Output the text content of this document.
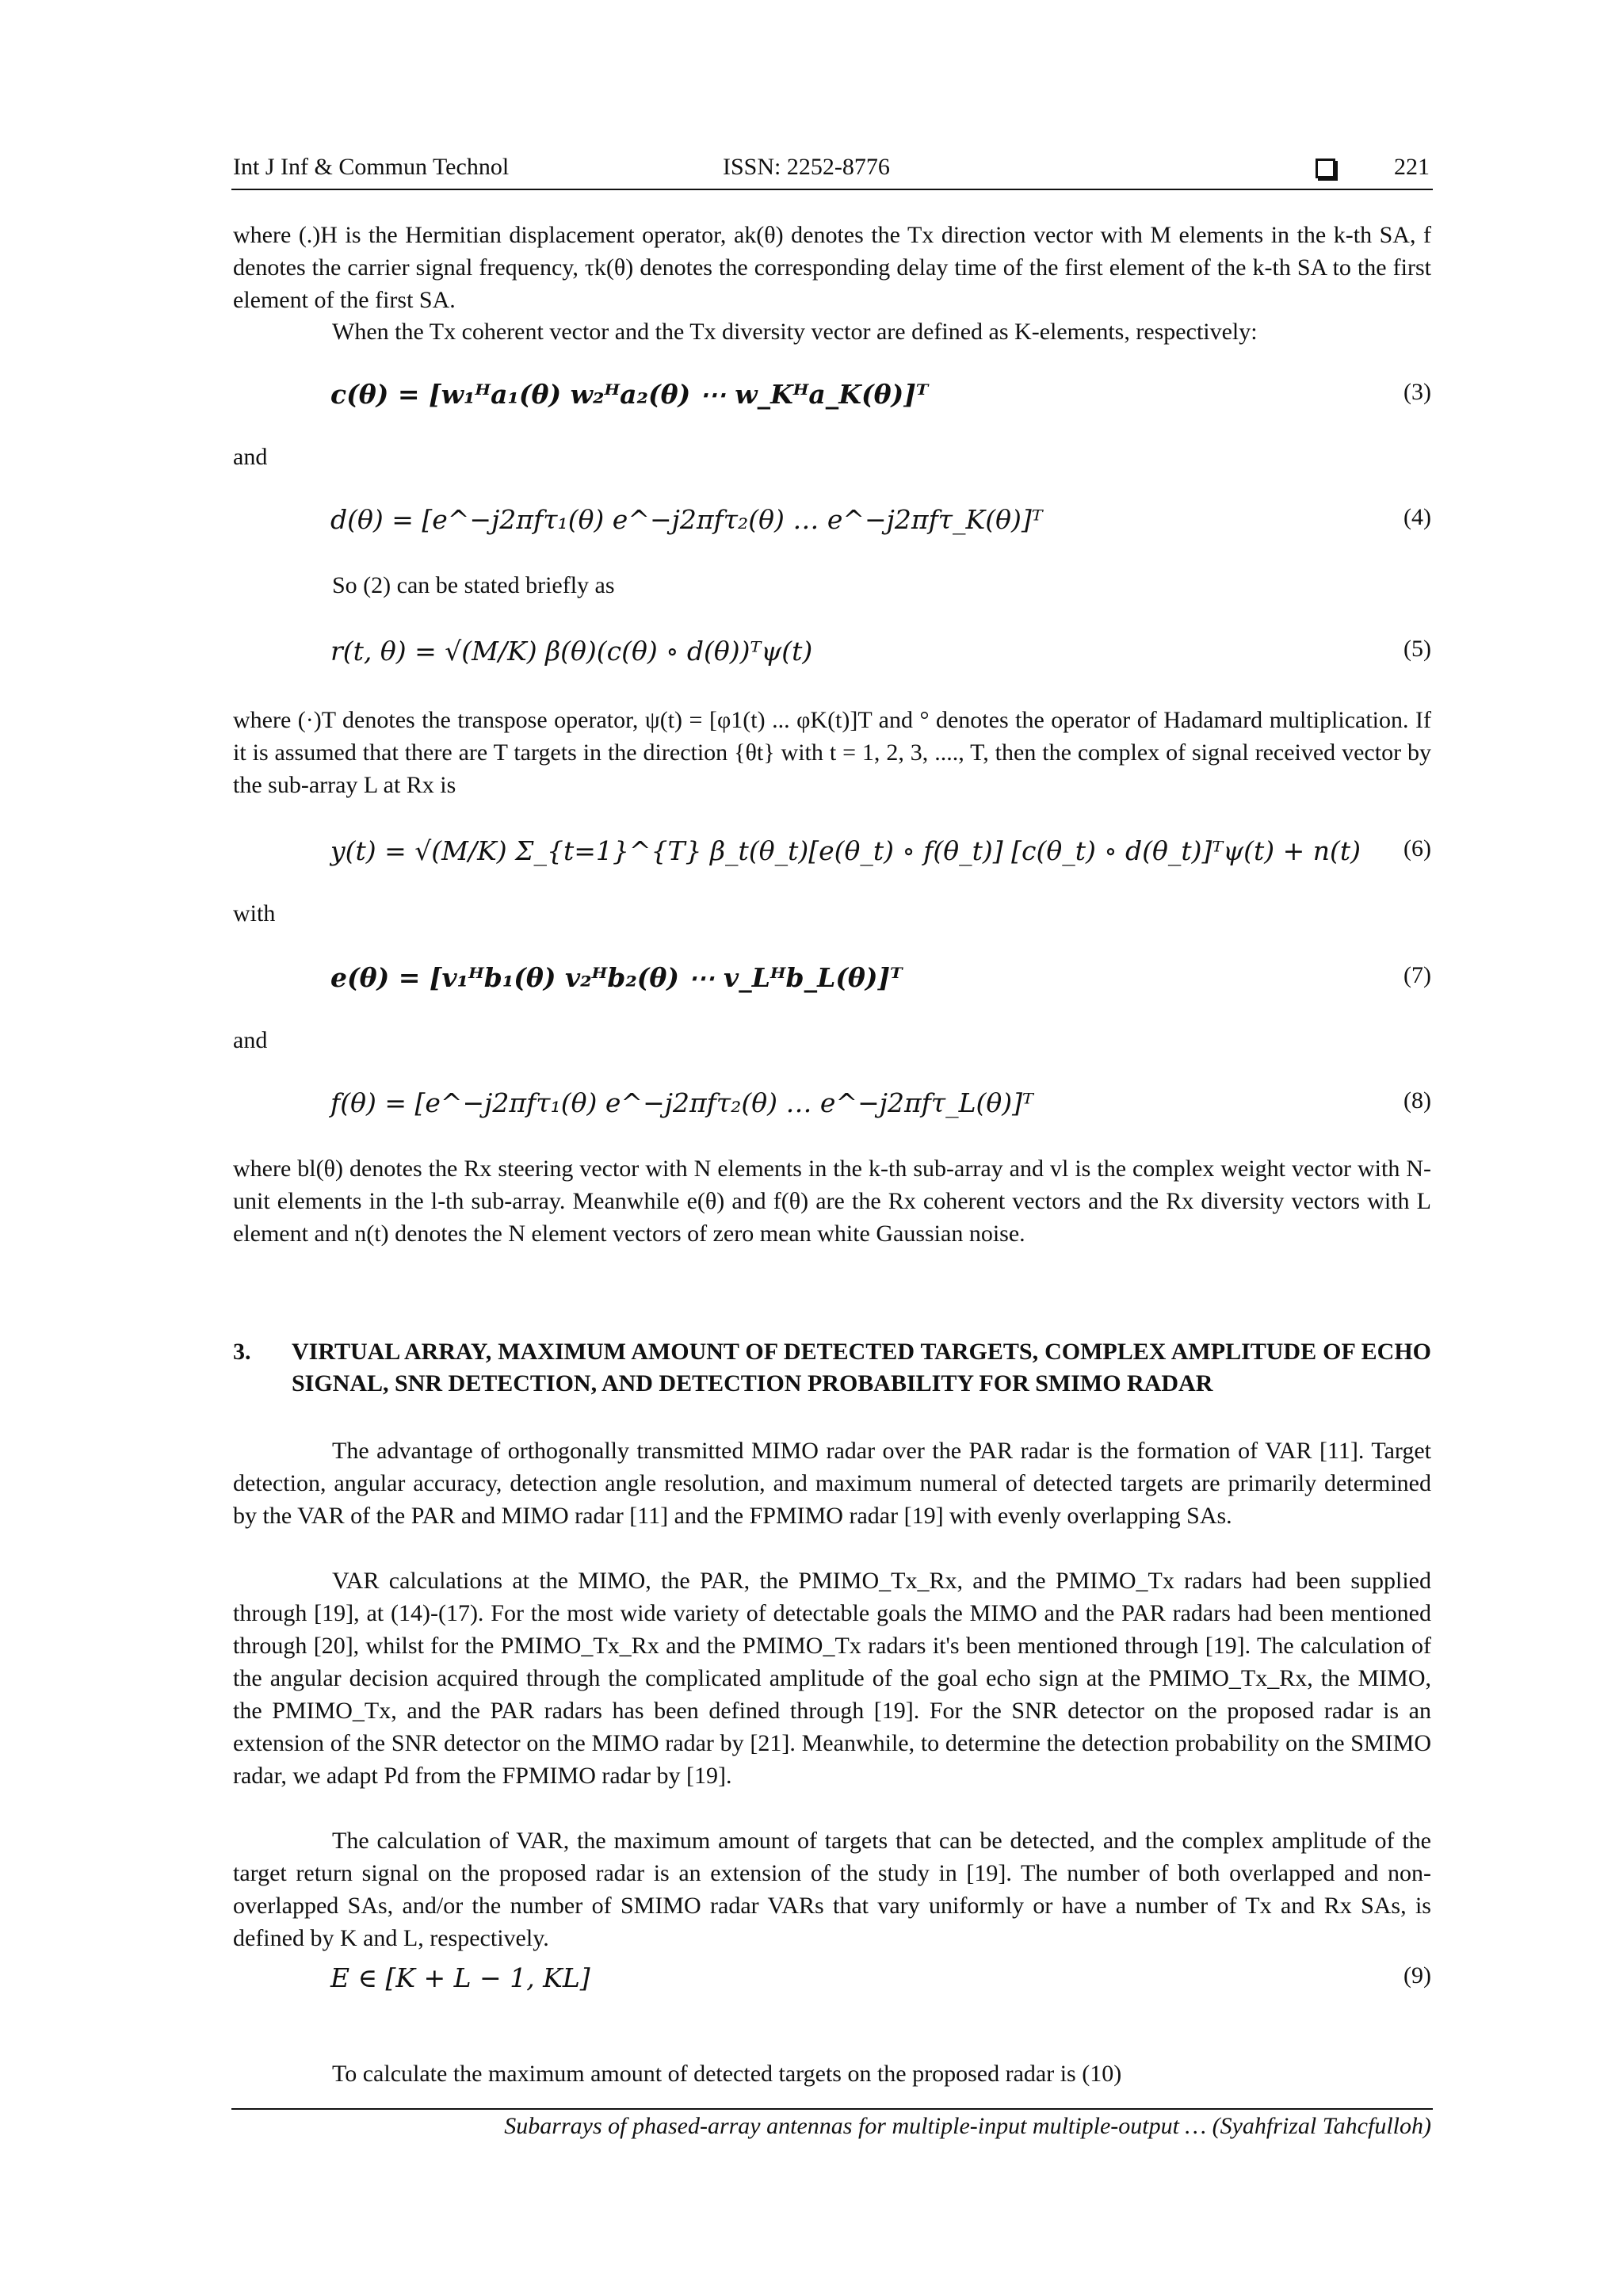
Int J Inf & Commun Technol	ISSN: 2252-8776	221
where (.)H is the Hermitian displacement operator, ak(θ) denotes the Tx direction vector with M elements in the k-th SA, f denotes the carrier signal frequency, τk(θ) denotes the corresponding delay time of the first element of the k-th SA to the first element of the first SA.
When the Tx coherent vector and the Tx diversity vector are defined as K-elements, respectively:
c(θ) = [w₁ᴴa₁(θ) w₂ᴴa₂(θ) ⋯ w_Kᴴa_K(θ)]ᵀ	(3)
and
d(θ) = [e^−j2πfτ₁(θ) e^−j2πfτ₂(θ) … e^−j2πfτ_K(θ)]ᵀ	(4)
So (2) can be stated briefly as
r(t, θ) = √(M/K) β(θ)(c(θ) ∘ d(θ))ᵀψ(t)	(5)
where (·)T denotes the transpose operator, ψ(t) = [φ1(t) ... φK(t)]T and ° denotes the operator of Hadamard multiplication. If it is assumed that there are T targets in the direction {θt} with t = 1, 2, 3, ...., T, then the complex of signal received vector by the sub-array L at Rx is
y(t) = √(M/K) Σ_{t=1}^{T} β_t(θ_t)[e(θ_t) ∘ f(θ_t)] [c(θ_t) ∘ d(θ_t)]ᵀψ(t) + n(t) (6)
with
e(θ) = [v₁ᴴb₁(θ) v₂ᴴb₂(θ) ⋯ v_Lᴴb_L(θ)]ᵀ	(7)
and
f(θ) = [e^−j2πfτ₁(θ) e^−j2πfτ₂(θ) … e^−j2πfτ_L(θ)]ᵀ	(8)
where bl(θ) denotes the Rx steering vector with N elements in the k-th sub-array and vl is the complex weight vector with N-unit elements in the l-th sub-array. Meanwhile e(θ) and f(θ) are the Rx coherent vectors and the Rx diversity vectors with L element and n(t) denotes the N element vectors of zero mean white Gaussian noise.
3. VIRTUAL ARRAY, MAXIMUM AMOUNT OF DETECTED TARGETS, COMPLEX AMPLITUDE OF ECHO SIGNAL, SNR DETECTION, AND DETECTION PROBABILITY FOR SMIMO RADAR
The advantage of orthogonally transmitted MIMO radar over the PAR radar is the formation of VAR [11]. Target detection, angular accuracy, detection angle resolution, and maximum numeral of detected targets are primarily determined by the VAR of the PAR and MIMO radar [11] and the FPMIMO radar [19] with evenly overlapping SAs.
VAR calculations at the MIMO, the PAR, the PMIMO_Tx_Rx, and the PMIMO_Tx radars had been supplied through [19], at (14)-(17). For the most wide variety of detectable goals the MIMO and the PAR radars had been mentioned through [20], whilst for the PMIMO_Tx_Rx and the PMIMO_Tx radars it's been mentioned through [19]. The calculation of the angular decision acquired through the complicated amplitude of the goal echo sign at the PMIMO_Tx_Rx, the MIMO, the PMIMO_Tx, and the PAR radars has been defined through [19]. For the SNR detector on the proposed radar is an extension of the SNR detector on the MIMO radar by [21]. Meanwhile, to determine the detection probability on the SMIMO radar, we adapt Pd from the FPMIMO radar by [19].
The calculation of VAR, the maximum amount of targets that can be detected, and the complex amplitude of the target return signal on the proposed radar is an extension of the study in [19]. The number of both overlapped and non-overlapped SAs, and/or the number of SMIMO radar VARs that vary uniformly or have a number of Tx and Rx SAs, is defined by K and L, respectively.
E ∈ [K + L − 1, KL]	(9)
To calculate the maximum amount of detected targets on the proposed radar is (10)
Subarrays of phased-array antennas for multiple-input multiple-output … (Syahfrizal Tahcfulloh)
